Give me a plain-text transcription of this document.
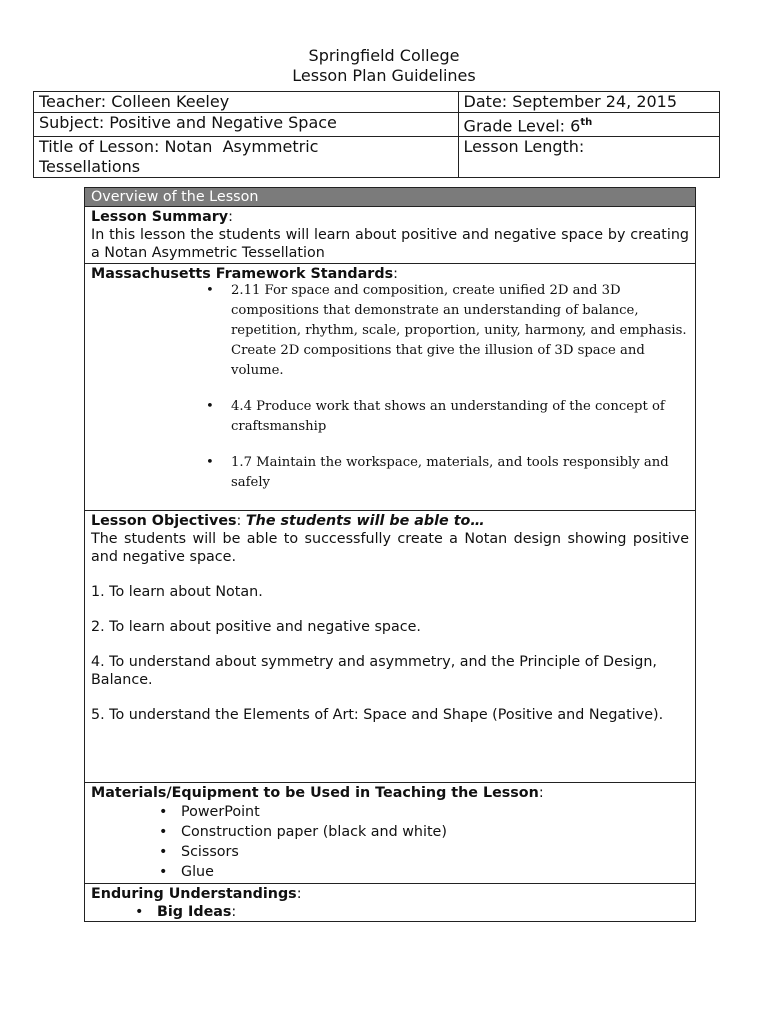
Springfield College
Lesson Plan Guidelines
Teacher: Colleen Keeley	Date: September 24, 2015
Subject: Positive and Negative Space	Grade Level: 6th

Title of Lesson: Notan  Asymmetric
Tessellations	Lesson Length:
Overview of the Lesson
Lesson Summary:
In this lesson the students will learn about positive and negative space by creating a Notan Asymmetric Tessellation
Massachusetts Framework Standards:
• 2.11 For space and composition, create unified 2D and 3D compositions that demonstrate an understanding of balance, repetition, rhythm, scale, proportion, unity, harmony, and emphasis. Create 2D compositions that give the illusion of 3D space and volume.
• 4.4 Produce work that shows an understanding of the concept of craftsmanship
• 1.7 Maintain the workspace, materials, and tools responsibly and safely
Lesson Objectives: The students will be able to…
The students will be able to successfully create a Notan design showing positive and negative space.
1. To learn about Notan.
2. To learn about positive and negative space.
4. To understand about symmetry and asymmetry, and the Principle of Design, Balance.
5. To understand the Elements of Art: Space and Shape (Positive and Negative).
Materials/Equipment to be Used in Teaching the Lesson:
• PowerPoint
• Construction paper (black and white)
• Scissors
• Glue
Enduring Understandings:
• Big Ideas:
